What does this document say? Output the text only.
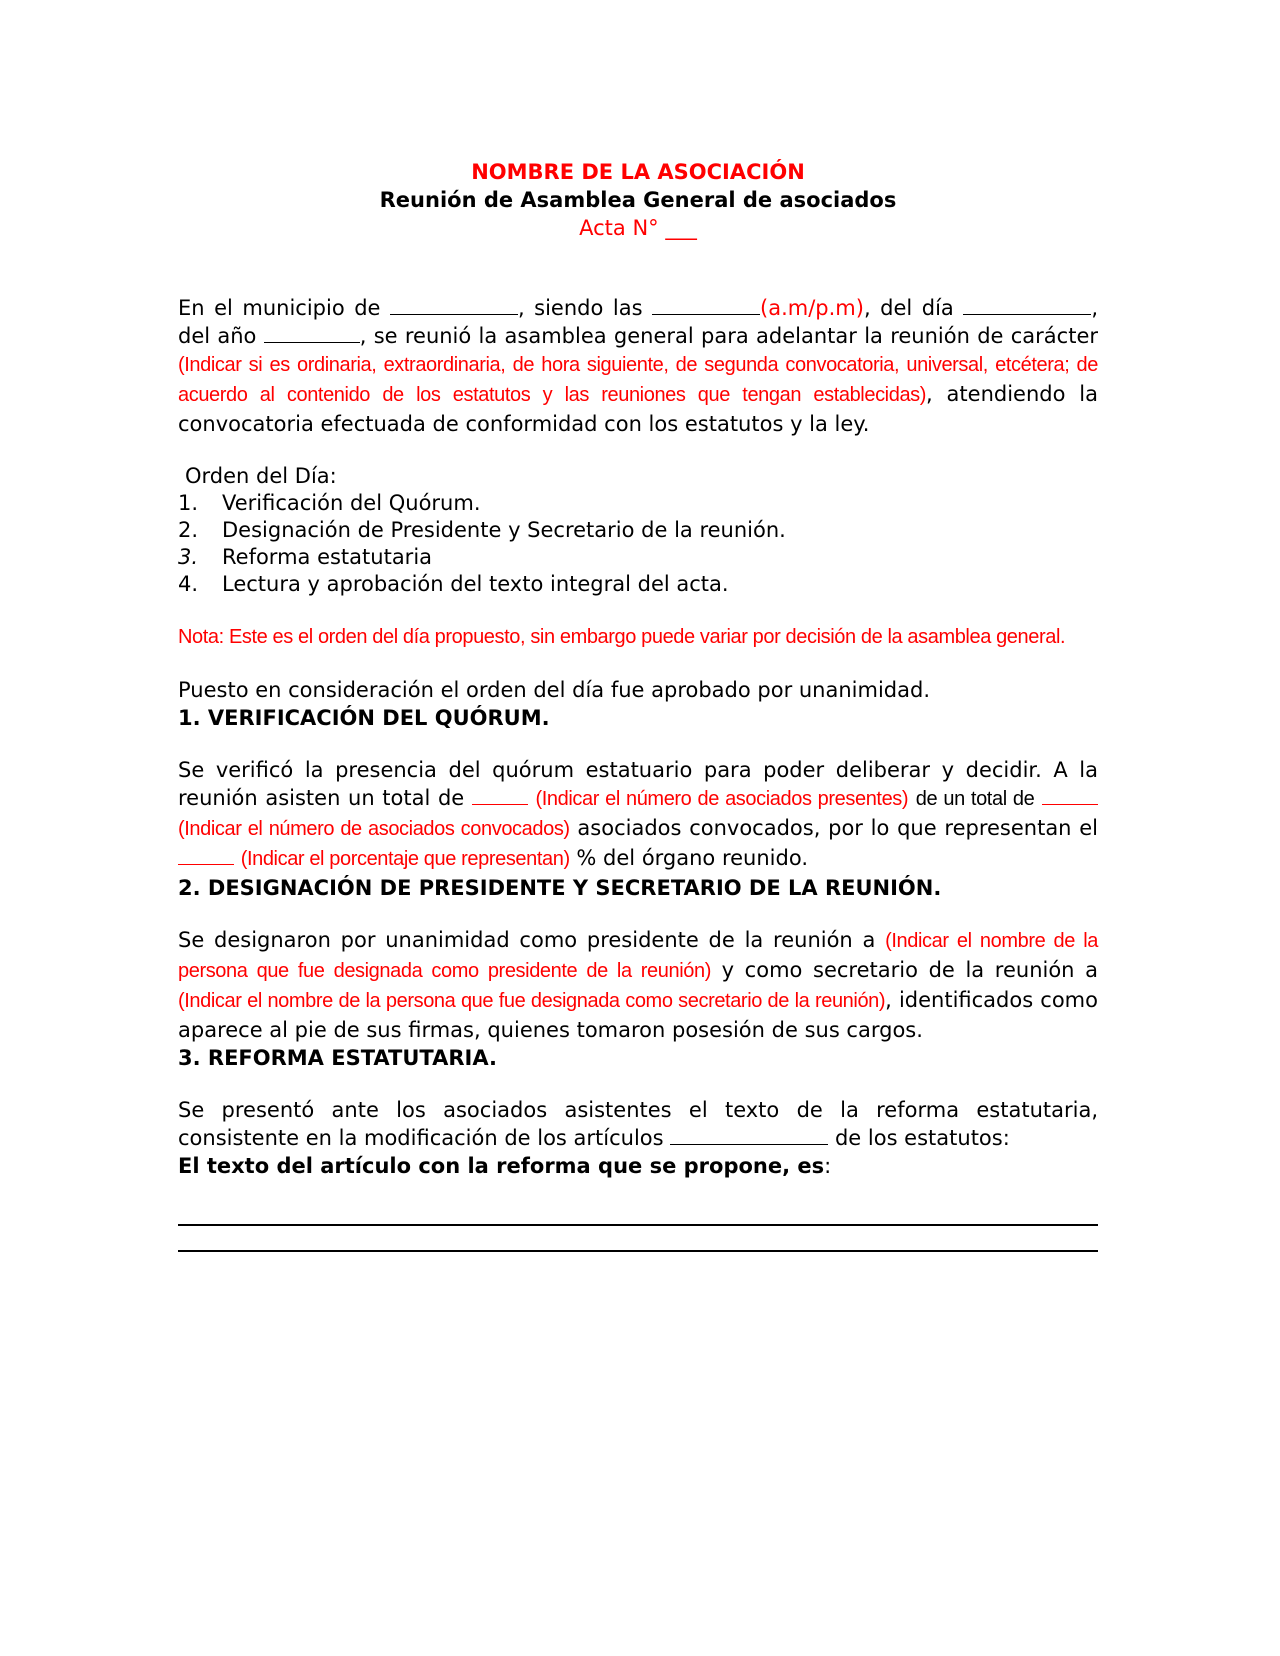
NOMBRE DE LA ASOCIACIÓN
Reunión de Asamblea General de asociados
Acta N° ___

En el municipio de	, siendo las	(a.m/p.m), del día	, del año	, se reunió la asamblea general para adelantar la reunión de carácter (Indicar si es ordinaria, extraordinaria, de hora siguiente, de segunda convocatoria, universal, etcétera; de acuerdo al contenido de los estatutos y las reuniones que tengan establecidas), atendiendo la convocatoria efectuada de conformidad con los estatutos y la ley.

Orden del Día:

1.	Verificación del Quórum.
2.	Designación de Presidente y Secretario de la reunión.
3.	Reforma estatutaria
4.	Lectura y aprobación del texto integral del acta.

Nota: Este es el orden del día propuesto, sin embargo puede variar por decisión de la asamblea general.

Puesto en consideración el orden del día fue aprobado por unanimidad.

1. VERIFICACIÓN DEL QUÓRUM.

Se verificó la presencia del quórum estatuario para poder deliberar y decidir. A la reunión asisten un total de	(Indicar el número de asociados presentes) de un total de  (Indicar el número de asociados convocados) asociados convocados, por lo que representan el  (Indicar el porcentaje que representan) % del órgano reunido.

2. DESIGNACIÓN DE PRESIDENTE Y SECRETARIO DE LA REUNIÓN.

Se designaron por unanimidad como presidente de la reunión a (Indicar el nombre de la persona que fue designada como presidente de la reunión) y como secretario de la reunión a (Indicar el nombre de la persona que fue designada como secretario de la reunión), identificados como aparece al pie de sus firmas, quienes tomaron posesión de sus cargos.

3. REFORMA ESTATUTARIA.

Se presentó ante los asociados asistentes el texto de la reforma estatutaria, consistente en la modificación de los artículos	de los estatutos:
El texto del artículo con la reforma que se propone, es:
